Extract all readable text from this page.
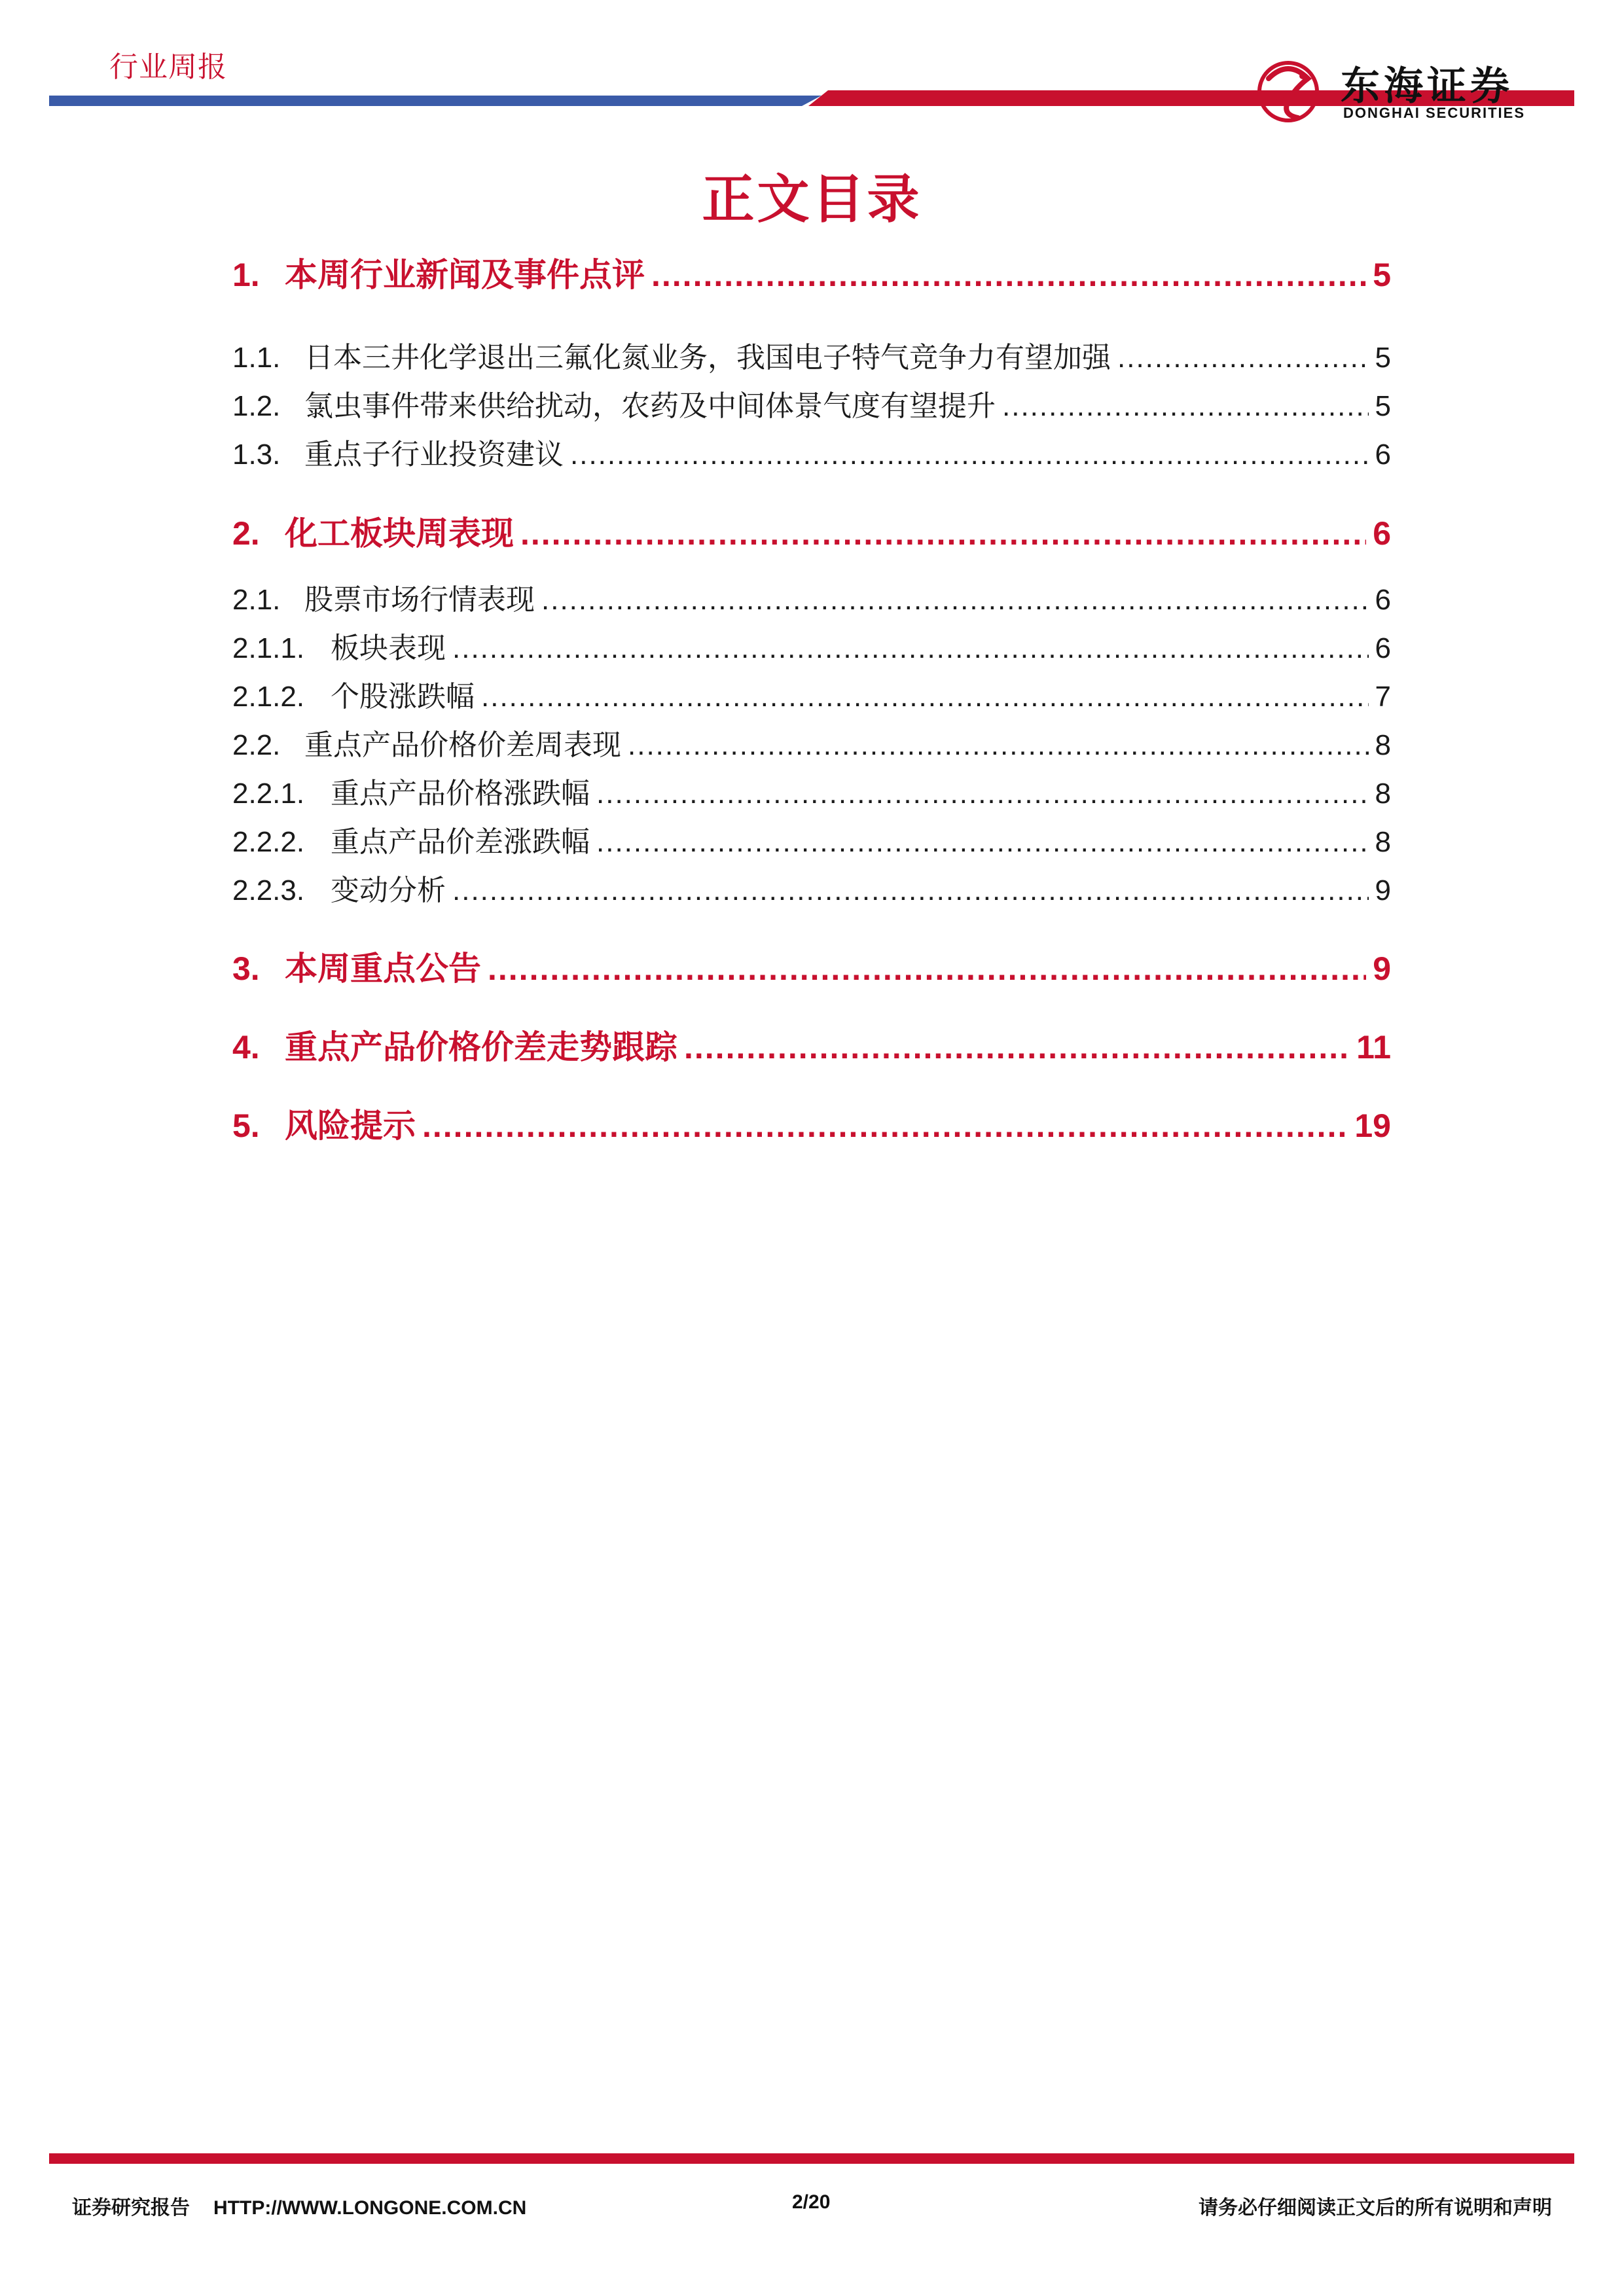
行业周报	东海证券
DONGHAI SECURITIES
正文目录
1. 本周行业新闻及事件点评 .....	5
1.1. 日本三井化学退出三氟化氮业务，我国电子特气竞争力有望加强 .....	5
1.2. 氯虫事件带来供给扰动，农药及中间体景气度有望提升 .....	5
1.3. 重点子行业投资建议 .....	6
2. 化工板块周表现 .....	6
2.1. 股票市场行情表现 .....	6
2.1.1. 板块表现 .....	6
2.1.2. 个股涨跌幅 .....	7
2.2. 重点产品价格价差周表现 .....	8
2.2.1. 重点产品价格涨跌幅 .....	8
2.2.2. 重点产品价差涨跌幅 .....	8
2.2.3. 变动分析 .....	9
3. 本周重点公告 .....	9
4. 重点产品价格价差走势跟踪 .....	11
5. 风险提示 .....	19
证券研究报告 HTTP://WWW.LONGONE.COM.CN	2/20	请务必仔细阅读正文后的所有说明和声明
